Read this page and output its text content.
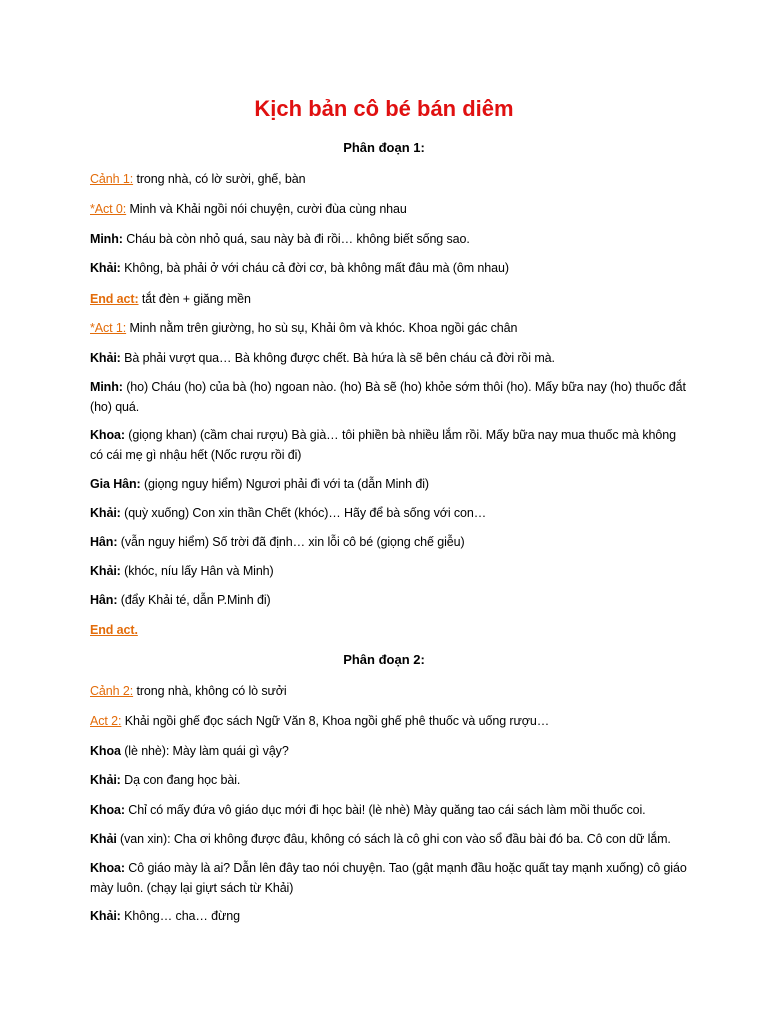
Kịch bản cô bé bán diêm
Phân đoạn 1:
Cảnh 1: trong nhà, có lờ sười, ghế, bàn
*Act 0: Minh và Khải ngồi nói chuyện, cười đùa cùng nhau
Minh: Cháu bà còn nhỏ quá, sau này bà đi rồi… không biết sống sao.
Khải: Không, bà phải ở với cháu cả đời cơ, bà không mất đâu mà (ôm nhau)
End act: tắt đèn + giăng mền
*Act 1: Minh nằm trên giường, ho sù sụ, Khải ôm và khóc. Khoa ngồi gác chân
Khải: Bà phải vượt qua… Bà không được chết. Bà hứa là sẽ bên cháu cả đời rồi mà.
Minh: (ho) Cháu (ho) của bà (ho) ngoan nào. (ho) Bà sẽ (ho) khỏe sớm thôi (ho). Mấy bữa nay (ho) thuốc đắt (ho) quá.
Khoa: (giọng khan) (cầm chai rượu) Bà già… tôi phiền bà nhiều lắm rồi. Mấy bữa nay mua thuốc mà không có cái mẹ gì nhậu hết (Nốc rượu rồi đi)
Gia Hân: (giọng nguy hiểm) Ngươi phải đi với ta (dẫn Minh đi)
Khải: (quỳ xuống) Con xin thần Chết (khóc)… Hãy để bà sống với con…
Hân: (vẫn nguy hiểm) Số trời đã định… xin lỗi cô bé (giọng chế giễu)
Khải: (khóc, níu lấy Hân và Minh)
Hân: (đẩy Khải té, dẫn P.Minh đi)
End act.
Phân đoạn 2:
Cảnh 2: trong nhà, không có lò sưởi
Act 2: Khải ngồi ghế đọc sách Ngữ Văn 8, Khoa ngồi ghế phê thuốc và uống rượu…
Khoa (lè nhè): Mày làm quái gì vậy?
Khải: Dạ con đang học bài.
Khoa: Chỉ có mấy đứa vô giáo dục mới đi học bài! (lè nhè) Mày quăng tao cái sách làm mồi thuốc coi.
Khải (van xin): Cha ơi không được đâu, không có sách là cô ghi con vào sổ đầu bài đó ba. Cô con dữ lắm.
Khoa: Cô giáo mày là ai? Dẫn lên đây tao nói chuyện. Tao (gật mạnh đầu hoặc quất tay mạnh xuống) cô giáo mày luôn. (chạy lại giựt sách từ Khải)
Khải: Không… cha… đừng
